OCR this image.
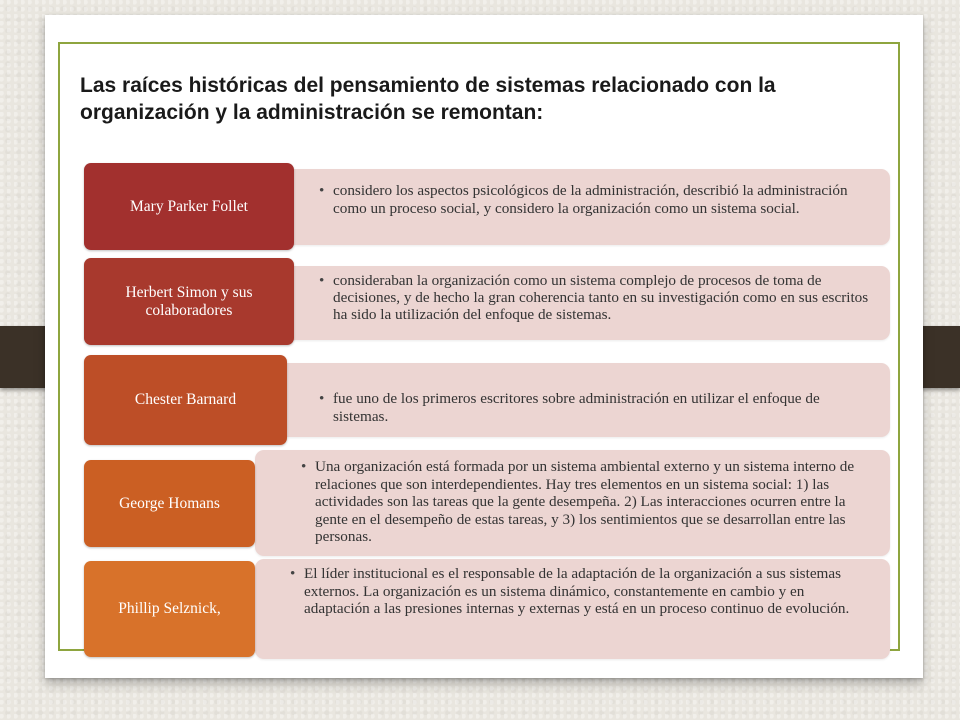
Las raíces históricas del pensamiento de sistemas relacionado con la organización y la administración se remontan:
• considero los aspectos psicológicos de la administración, describió la administración como un proceso social, y considero la organización como un sistema social.
Mary Parker Follet
• consideraban la organización como un sistema complejo de procesos de toma de decisiones, y de hecho la gran coherencia tanto en su investigación como en sus escritos ha sido la utilización del enfoque de sistemas.
Herbert Simon y sus colaboradores
• fue uno de los primeros escritores sobre administración en utilizar el enfoque de sistemas.
Chester Barnard
• Una organización está formada por un sistema ambiental externo y un sistema interno de relaciones que son interdependientes. Hay tres elementos en un sistema social: 1) las actividades son las tareas que la gente desempeña. 2) Las interacciones ocurren entre la gente en el desempeño de estas tareas, y 3) los sentimientos que se desarrollan entre las personas.
George Homans
• El líder institucional es el responsable de la adaptación de la organización a sus sistemas externos. La organización es un sistema dinámico, constantemente en cambio y en adaptación a las presiones internas y externas y está en un proceso continuo de evolución.
Phillip Selznick,
